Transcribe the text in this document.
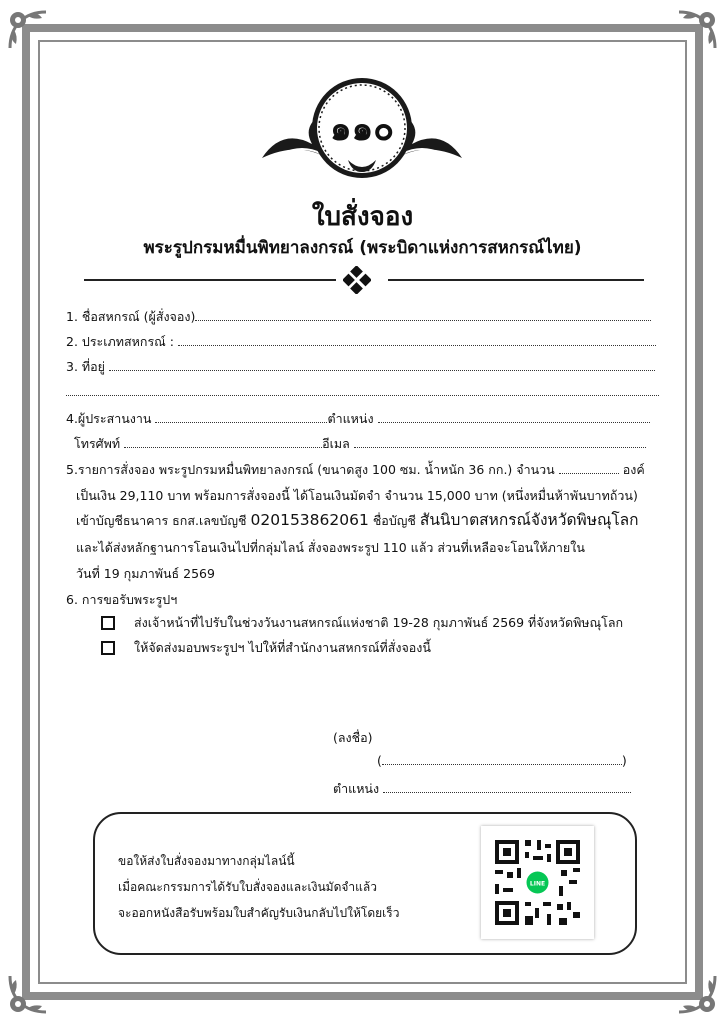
๑๑๐
ใบสั่งจอง
พระรูปกรมหมื่นพิทยาลงกรณ์ (พระบิดาแห่งการสหกรณ์ไทย)
1. ชื่อสหกรณ์ (ผู้สั่งจอง)
2. ประเภทสหกรณ์ :
3. ที่อยู่
4.ผู้ประสานงาน	ตำแหน่ง
โทรศัพท์	อีเมล
5.รายการสั่งจอง พระรูปกรมหมื่นพิทยาลงกรณ์ (ขนาดสูง 100 ซม. น้ำหนัก 36 กก.) จำนวน	องค์
เป็นเงิน 29,110 บาท พร้อมการสั่งจองนี้ ได้โอนเงินมัดจำ จำนวน 15,000 บาท (หนึ่งหมื่นห้าพันบาทถ้วน)
เข้าบัญชีธนาคาร ธกส.เลขบัญชี 020153862061 ชื่อบัญชี สันนิบาตสหกรณ์จังหวัดพิษณุโลก
และได้ส่งหลักฐานการโอนเงินไปที่กลุ่มไลน์ สั่งจองพระรูป 110 แล้ว ส่วนที่เหลือจะโอนให้ภายใน
วันที่ 19 กุมภาพันธ์ 2569
6. การขอรับพระรูปฯ
ส่งเจ้าหน้าที่ไปรับในช่วงวันงานสหกรณ์แห่งชาติ 19-28 กุมภาพันธ์ 2569 ที่จังหวัดพิษณุโลก
ให้จัดส่งมอบพระรูปฯ ไปให้ที่สำนักงานสหกรณ์ที่สั่งจองนี้
(ลงชื่อ)
(	)
ตำแหน่ง
ขอให้ส่งใบสั่งจองมาทางกลุ่มไลน์นี้
เมื่อคณะกรรมการได้รับใบสั่งจองและเงินมัดจำแล้ว
จะออกหนังสือรับพร้อมใบสำคัญรับเงินกลับไปให้โดยเร็ว
LINE
